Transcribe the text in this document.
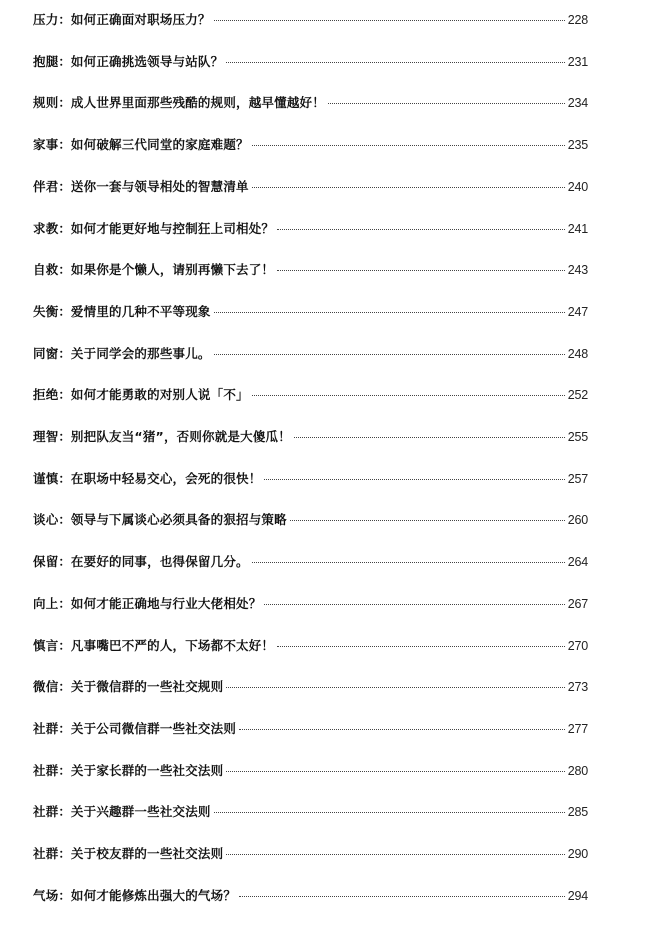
压力 ： 如何正确面对职场压力？	228
抱腿 ： 如何正确挑选领导与站队？	231
规则 ： 成人世界里面那些残酷的规则，越早懂越好！	234
家事 ： 如何破解三代同堂的家庭难题？	235
伴君 ： 送你一套与领导相处的智慧清单	240
求教 ： 如何才能更好地与控制狂上司相处？	241
自救 ： 如果你是个懒人，请别再懒下去了！	243
失衡 ： 爱情里的几种不平等现象	247
同窗 ： 关于同学会的那些事儿。	248
拒绝 ： 如何才能勇敢的对别人说「不」	252
理智 ： 别把队友当“猪”，否则你就是大傻瓜！	255
谨慎 ： 在职场中轻易交心，会死的很快！	257
谈心 ： 领导与下属谈心必须具备的狠招与策略	260
保留 ： 在要好的同事，也得保留几分。	264
向上 ： 如何才能正确地与行业大佬相处？	267
慎言 ： 凡事嘴巴不严的人，下场都不太好！	270
微信 ： 关于微信群的一些社交规则	273
社群 ： 关于公司微信群一些社交法则	277
社群 ： 关于家长群的一些社交法则	280
社群 ： 关于兴趣群一些社交法则	285
社群 ： 关于校友群的一些社交法则	290
气场 ： 如何才能修炼出强大的气场？	294
